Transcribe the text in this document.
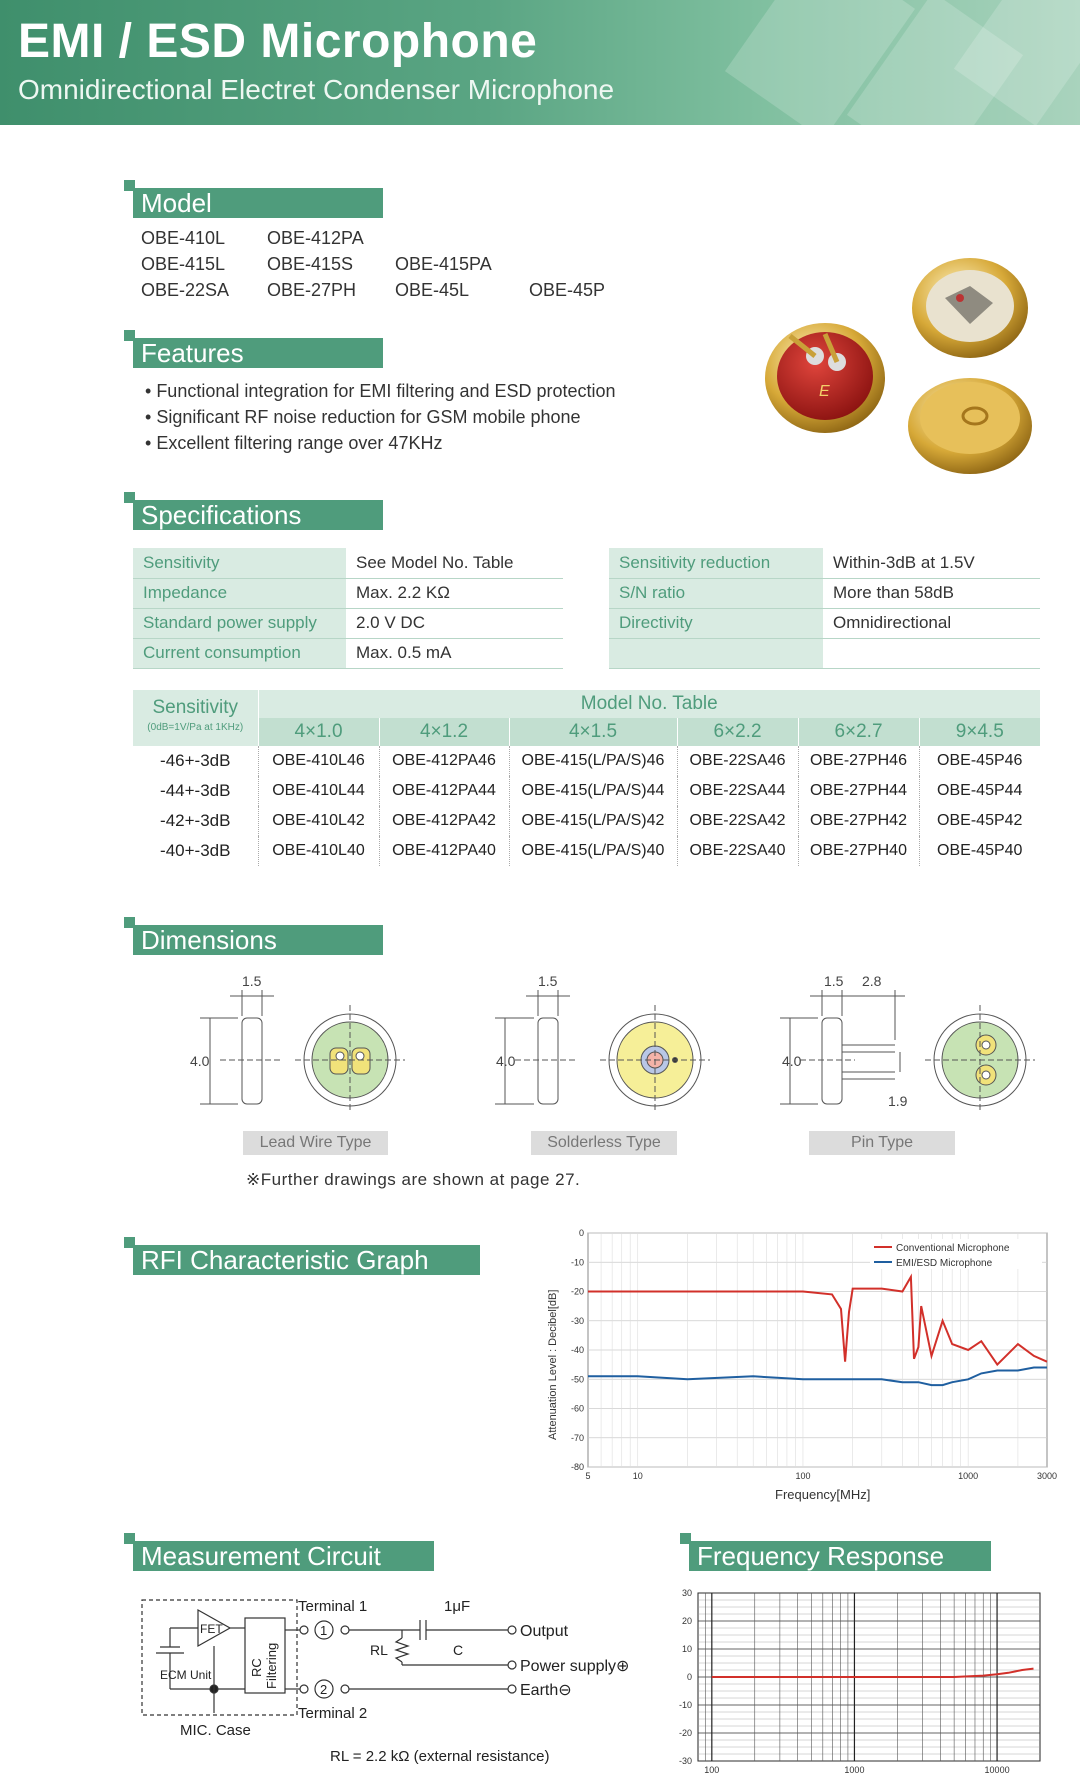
EMI / ESD Microphone
Omnidirectional Electret Condenser Microphone
Model
OBE-410L OBE-412PA
OBE-415L OBE-415S OBE-415PA
OBE-22SA OBE-27PH OBE-45L	OBE-45P
Features
• Functional integration for EMI filtering and ESD protection
• Significant RF noise reduction for GSM mobile phone
• Excellent filtering range over 47KHz
E
Specifications
Sensitivity	See Model No. Table
Impedance	Max. 2.2 KΩ
Standard power supply	2.0 V DC
Current consumption	Max. 0.5 mA
Sensitivity reduction	Within-3dB at 1.5V
S/N ratio	More than 58dB
Directivity	Omnidirectional

Sensitivity
(0dB=1V/Pa at 1KHz)	Model No. Table					
	4×1.0	4×1.2	4×1.5	6×2.2	6×2.7	9×4.5
-46+-3dB	OBE-410L46	OBE-412PA46	OBE-415(L/PA/S)46	OBE-22SA46	OBE-27PH46	OBE-45P46
-44+-3dB	OBE-410L44	OBE-412PA44	OBE-415(L/PA/S)44	OBE-22SA44	OBE-27PH44	OBE-45P44
-42+-3dB	OBE-410L42	OBE-412PA42	OBE-415(L/PA/S)42	OBE-22SA42	OBE-27PH42	OBE-45P42
-40+-3dB	OBE-410L40	OBE-412PA40	OBE-415(L/PA/S)40	OBE-22SA40	OBE-27PH40	OBE-45P40
Dimensions
1.5
4.0
1.5
4.0
1.5 2.8
4.0
1.9
Lead Wire Type	Solderless Type	Pin Type
※Further drawings are shown at page 27.
RFI Characteristic Graph
0
-10
-20
-30
-40
-50
-60
-70
-80
5	10	100	1000	3000
Conventional Microphone
EMI/ESD Microphone
Frequency[MHz]
Attenuation Level : Decibel[dB]
Measurement Circuit
FET
RC Filtering
ECM Unit
Terminal 1
1
2
Terminal 2
1μF
C
RL
Output
Power supply⊕
Earth⊖
MIC. Case
RL = 2.2 kΩ (external resistance)
Frequency Response
30
20
10
0
-10
-20
-30
100	1000	10000
